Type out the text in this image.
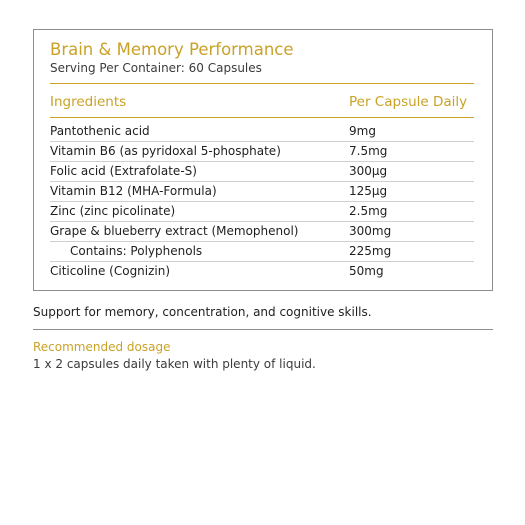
Brain & Memory Performance
Serving Per Container: 60 Capsules
Ingredients	Per Capsule Daily
Pantothenic acid	9mg
Vitamin B6 (as pyridoxal 5-phosphate)	7.5mg
Folic acid (Extrafolate-S)	300µg
Vitamin B12 (MHA-Formula)	125µg
Zinc (zinc picolinate)	2.5mg
Grape & blueberry extract (Memophenol)	300mg
Contains: Polyphenols	225mg
Citicoline (Cognizin)	50mg
Support for memory, concentration, and cognitive skills.
Recommended dosage
1 x 2 capsules daily taken with plenty of liquid.
